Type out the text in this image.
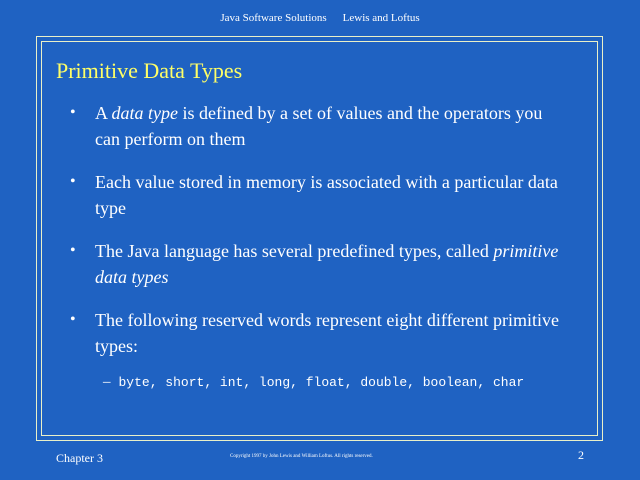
Java Software Solutions Lewis and Loftus
Primitive Data Types
• A data type is defined by a set of values and the operators you can perform on them
• Each value stored in memory is associated with a particular data type
• The Java language has several predefined types, called primitive data types
• The following reserved words represent eight different primitive types:
– byte, short, int, long, float, double, boolean, char
Chapter 3	Copyright 1997 by John Lewis and William Loftus. All rights reserved.	2
